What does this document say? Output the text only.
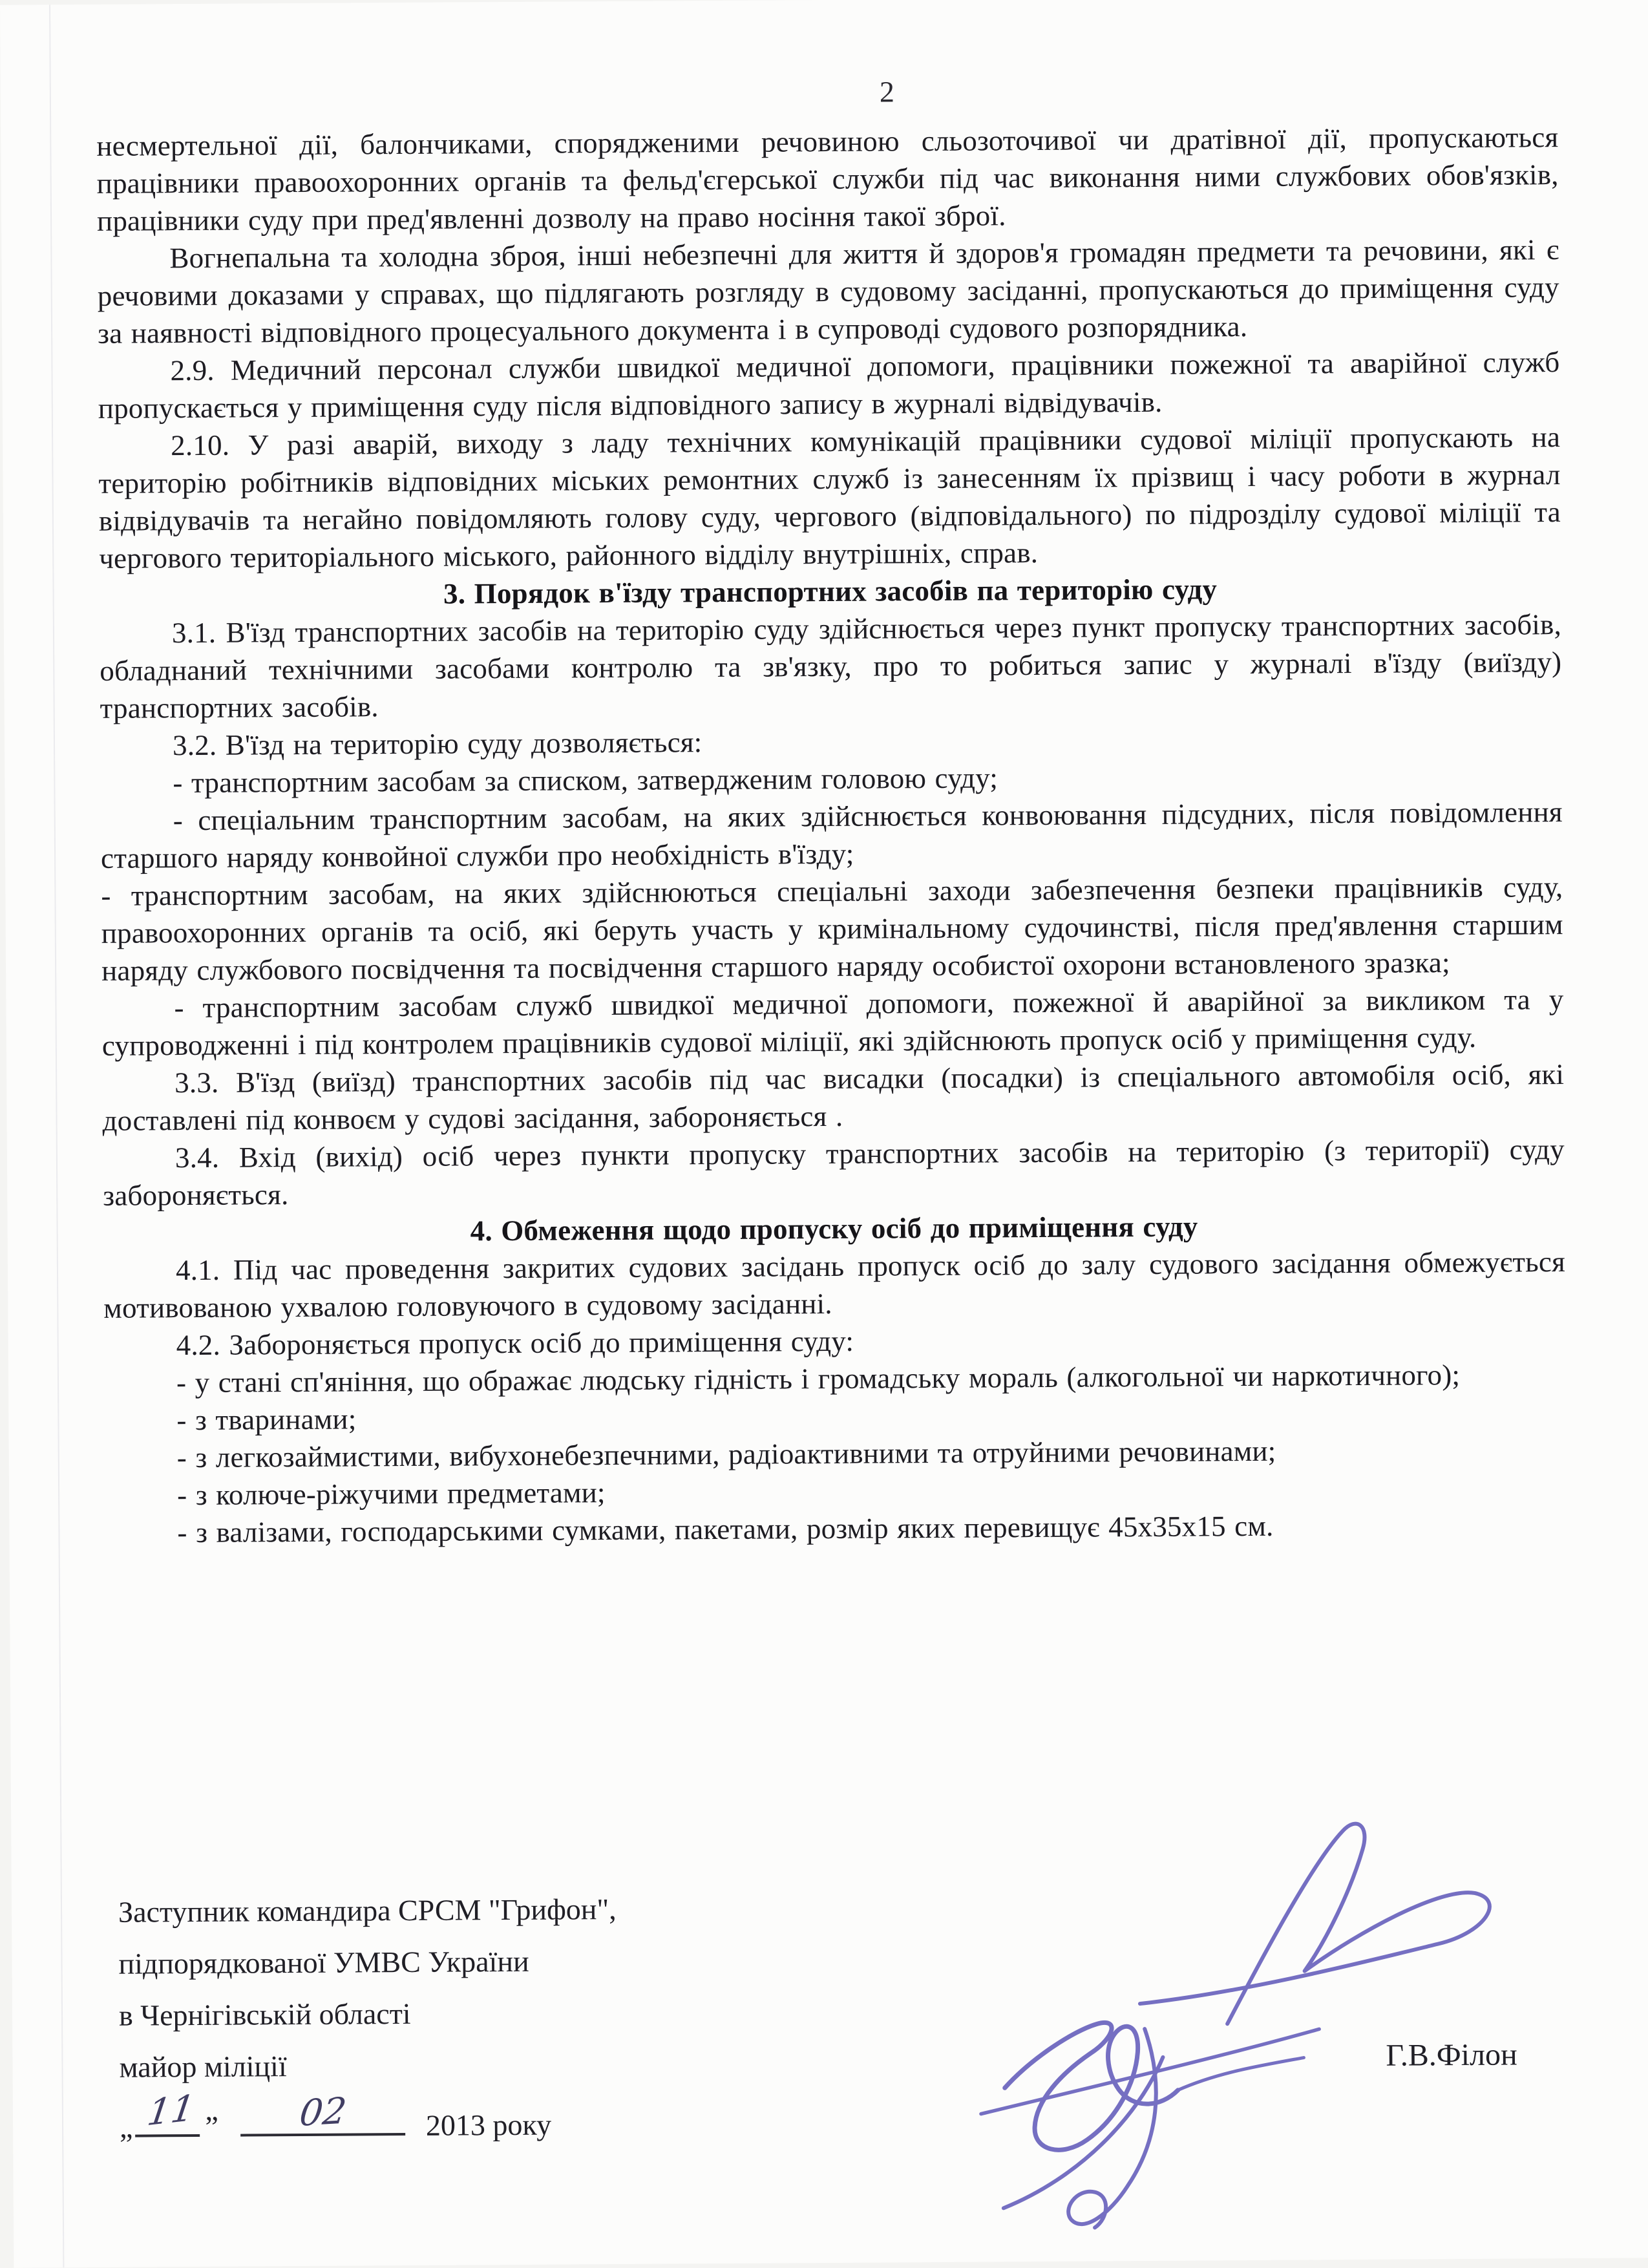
2

несмертельної дії, балончиками, спорядженими речовиною сльозоточивої чи дратівної дії, пропускаються працівники правоохоронних органів та фельд'єгерської служби під час виконання ними службових обов'язків, працівники суду при пред'явленні дозволу на право носіння такої зброї.

Вогнепальна та холодна зброя, інші небезпечні для життя й здоров'я громадян предмети та речовини, які є речовими доказами у справах, що підлягають розгляду в судовому засіданні, пропускаються до приміщення суду за наявності відповідного процесуального документа і в супроводі судового розпорядника.

2.9. Медичний персонал служби швидкої медичної допомоги, працівники пожежної та аварійної служб пропускається у приміщення суду після відповідного запису в журналі відвідувачів.

2.10. У разі аварій, виходу з ладу технічних комунікацій працівники судової міліції пропускають на територію робітників відповідних міських ремонтних служб із занесенням їх прізвищ і часу роботи в журнал відвідувачів та негайно повідомляють голову суду, чергового (відповідального) по підрозділу судової міліції та чергового територіального міського, районного відділу внутрішніх, справ.

3. Порядок в'їзду транспортних засобів па територію суду

3.1. В'їзд транспортних засобів на територію суду здійснюється через пункт пропуску транспортних засобів, обладнаний технічними засобами контролю та зв'язку, про то робиться запис у журналі в'їзду (виїзду) транспортних засобів.

3.2. В'їзд на територію суду дозволяється:

- транспортним засобам за списком, затвердженим головою суду;

- спеціальним транспортним засобам, на яких здійснюється конвоювання підсудних, після повідомлення старшого наряду конвойної служби про необхідність в'їзду;

- транспортним засобам, на яких здійснюються спеціальні заходи забезпечення безпеки працівників суду, правоохоронних органів та осіб, які беруть участь у кримінальному судочинстві, після пред'явлення старшим наряду службового посвідчення та посвідчення старшого наряду особистої охорони встановленого зразка;

- транспортним засобам служб швидкої медичної допомоги, пожежної й аварійної за викликом та у супроводженні і під контролем працівників судової міліції, які здійснюють пропуск осіб у приміщення суду.

3.3. В'їзд (виїзд) транспортних засобів під час висадки (посадки) із спеціального автомобіля осіб, які доставлені під конвоєм у судові засідання, забороняється .

3.4. Вхід (вихід) осіб через пункти пропуску транспортних засобів на територію (з території) суду забороняється.

4. Обмеження щодо пропуску осіб до приміщення суду

4.1. Під час проведення закритих судових засідань пропуск осіб до залу судового засідання обмежується мотивованою ухвалою головуючого в судовому засіданні.

4.2. Забороняється пропуск осіб до приміщення суду:

- у стані сп'яніння, що ображає людську гідність і громадську мораль (алкогольної чи наркотичного);

- з тваринами;

- з легкозаймистими, вибухонебезпечними, радіоактивними та отруйними речовинами;

- з колюче-ріжучими предметами;

- з валізами, господарськими сумками, пакетами, розмір яких перевищує 45х35х15 см.

Заступник командира СРСМ "Грифон",
підпорядкованої УМВС України
в Чернігівській області
майор міліції
„ 11 ” 02	2013 року
Г.В.Філон
